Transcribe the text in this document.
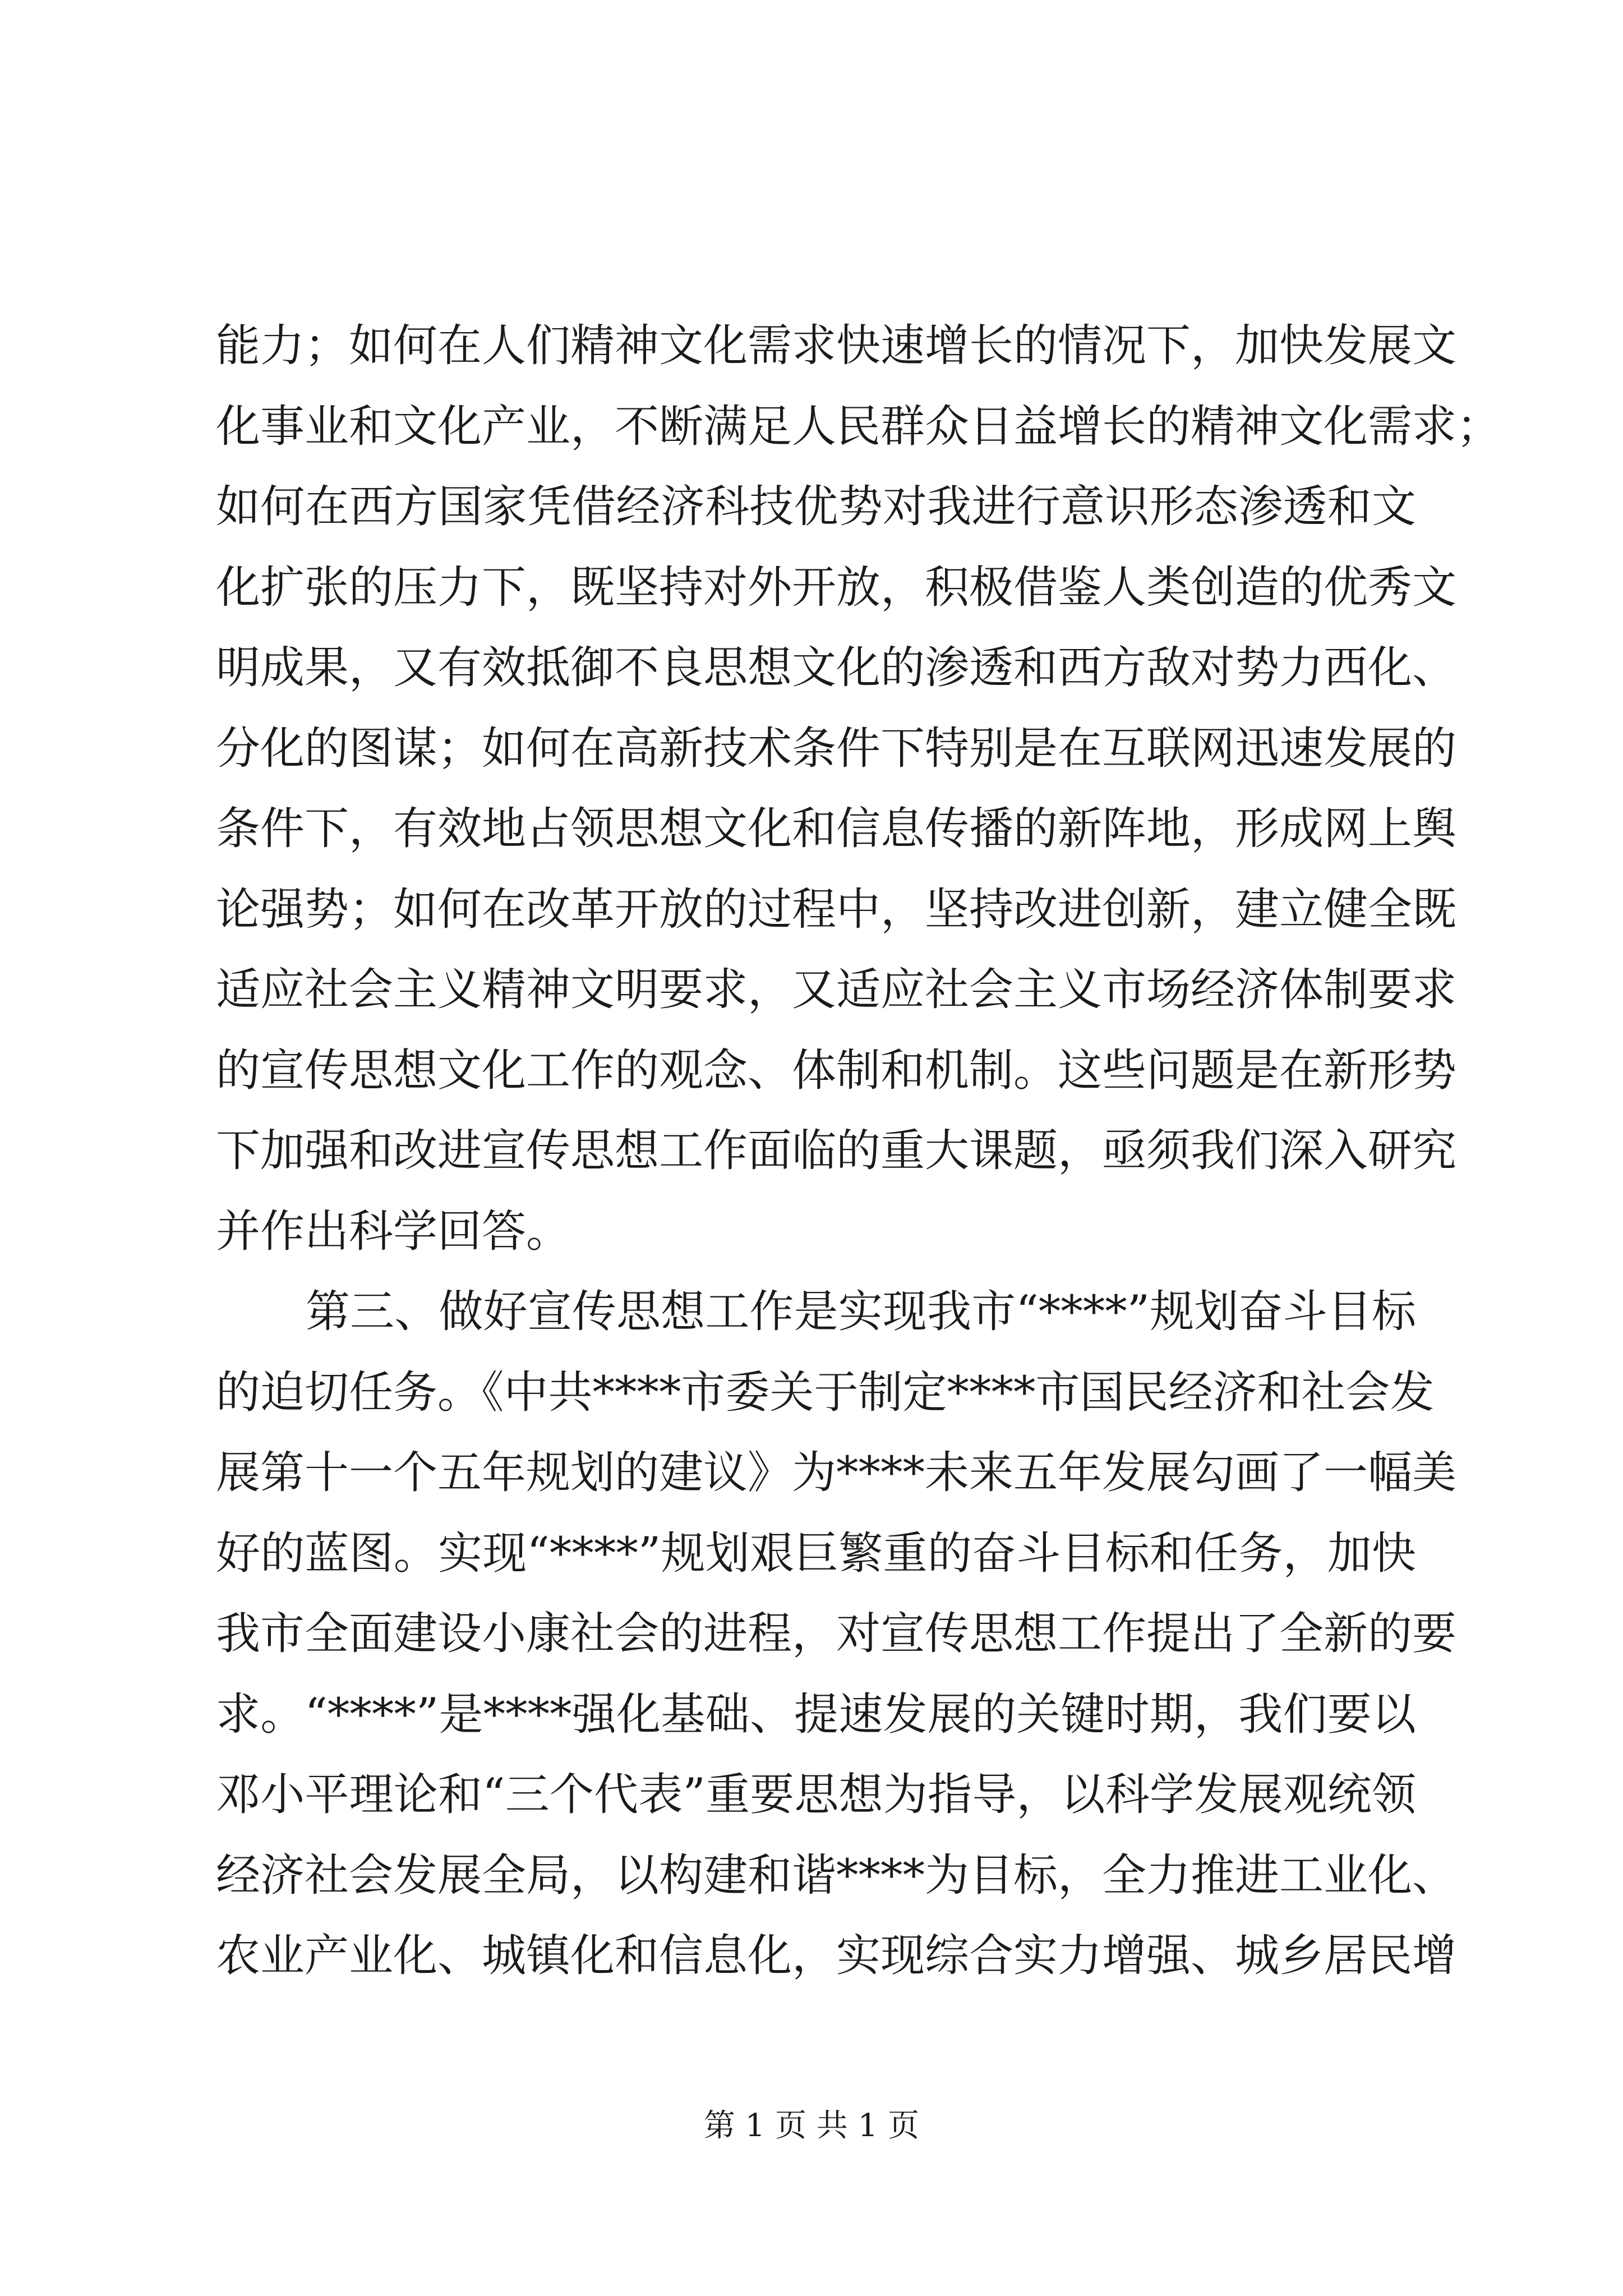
能力；如何在人们精神文化需求快速增长的情况下，加快发展文
化事业和文化产业，不断满足人民群众日益增长的精神文化需求；
如何在西方国家凭借经济科技优势对我进行意识形态渗透和文
化扩张的压力下，既坚持对外开放，积极借鉴人类创造的优秀文
明成果，又有效抵御不良思想文化的渗透和西方敌对势力西化、
分化的图谋；如何在高新技术条件下特别是在互联网迅速发展的
条件下，有效地占领思想文化和信息传播的新阵地，形成网上舆
论强势；如何在改革开放的过程中，坚持改进创新，建立健全既
适应社会主义精神文明要求，又适应社会主义市场经济体制要求
的宣传思想文化工作的观念、体制和机制。这些问题是在新形势
下加强和改进宣传思想工作面临的重大课题，亟须我们深入研究
并作出科学回答。
第三、做好宣传思想工作是实现我市“****”规划奋斗目标
的迫切任务。《中共****市委关于制定****市国民经济和社会发
展第十一个五年规划的建议》为****未来五年发展勾画了一幅美
好的蓝图。实现“****”规划艰巨繁重的奋斗目标和任务，加快
我市全面建设小康社会的进程，对宣传思想工作提出了全新的要
求。“****”是****强化基础、提速发展的关键时期，我们要以
邓小平理论和“三个代表”重要思想为指导，以科学发展观统领
经济社会发展全局，以构建和谐****为目标，全力推进工业化、
农业产业化、城镇化和信息化，实现综合实力增强、城乡居民增
第 1 页 共 1 页
